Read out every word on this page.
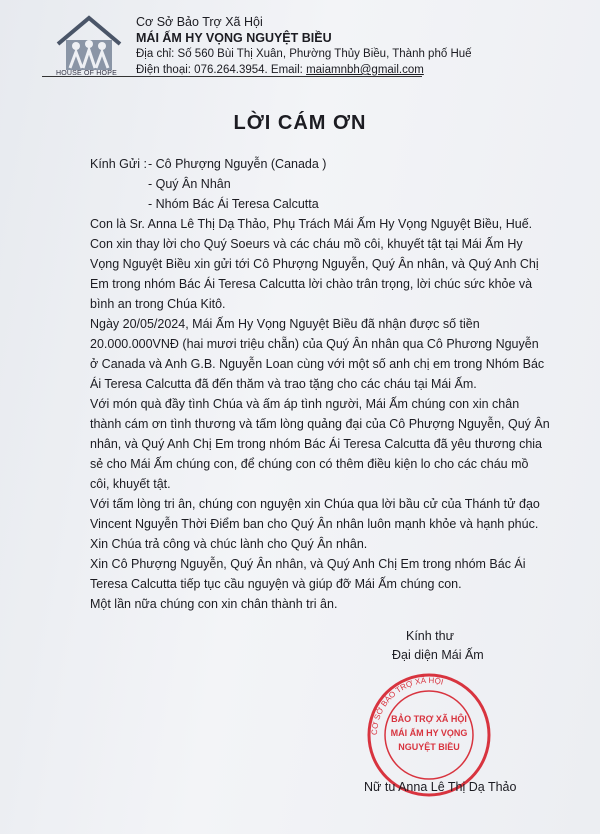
HOUSE OF HOPE
Cơ Sở Bảo Trợ Xã Hội
MÁI ẤM HY VỌNG NGUYỆT BIỀU
Địa chỉ: Số 560 Bùi Thị Xuân, Phường Thủy Biều, Thành phố Huế
Điện thoại: 076.264.3954. Email: maiamnbh@gmail.com
LỜI CÁM ƠN
Kính Gửi : - Cô Phượng Nguyễn (Canada )
- Quý Ân Nhân
- Nhóm Bác Ái Teresa Calcutta

Con là Sr. Anna Lê Thị Dạ Thảo, Phụ Trách Mái Ấm Hy Vọng Nguyệt Biều, Huế.

Con xin thay lời cho Quý Soeurs và các cháu mồ côi, khuyết tật tại Mái Ấm Hy Vọng Nguyệt Biều xin gửi tới Cô Phượng Nguyễn, Quý Ân nhân, và Quý Anh Chị Em trong nhóm Bác Ái Teresa Calcutta lời chào trân trọng, lời chúc sức khỏe và bình an trong Chúa Kitô.

Ngày 20/05/2024, Mái Ấm Hy Vọng Nguyệt Biều đã nhận được số tiền 20.000.000VNĐ (hai mươi triệu chẵn) của Quý Ân nhân qua Cô Phương Nguyễn ở Canada và Anh G.B. Nguyễn Loan cùng với một số anh chị em trong Nhóm Bác Ái Teresa Calcutta đã đến thăm và trao tặng cho các cháu tại Mái Ấm.

Với món quà đầy tình Chúa và ấm áp tình người, Mái Ấm chúng con xin chân thành cám ơn tình thương và tấm lòng quảng đại của Cô Phượng Nguyễn, Quý Ân nhân, và Quý Anh Chị Em trong nhóm Bác Ái Teresa Calcutta đã yêu thương chia sẻ cho Mái Ấm chúng con, để chúng con có thêm điều kiện lo cho các cháu mồ côi, khuyết tật.

Với tấm lòng tri ân, chúng con nguyện xin Chúa qua lời bầu cử của Thánh tử đạo Vincent Nguyễn Thời Điểm ban cho Quý Ân nhân luôn mạnh khỏe và hạnh phúc. Xin Chúa trả công và chúc lành cho Quý Ân nhân.

Xin Cô Phượng Nguyễn, Quý Ân nhân, và Quý Anh Chị Em trong nhóm Bác Ái Teresa Calcutta tiếp tục cầu nguyện và giúp đỡ Mái Ấm chúng con.

Một lần nữa chúng con xin chân thành tri ân.

Kính thư
Đại diện Mái Ấm
CƠ SỞ BẢO TRỢ XÃ HỘI
BẢO TRỢ XÃ HỘI
MÁI ẤM HY VỌNG
NGUYỆT BIỀU
Nữ tu Anna Lê Thị Dạ Thảo
